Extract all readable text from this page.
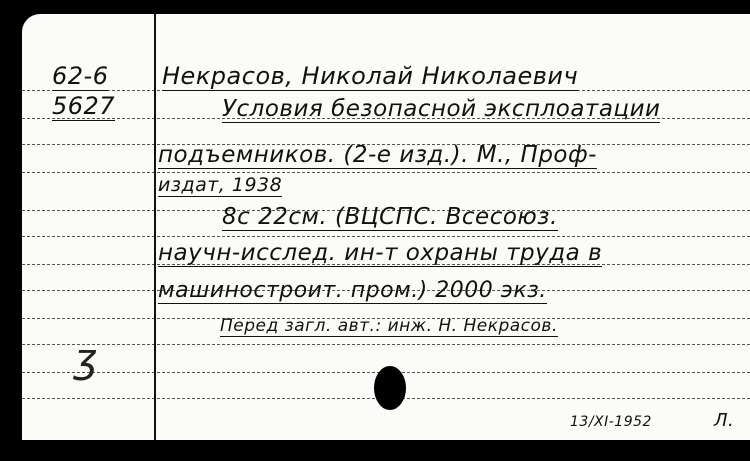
62-6
5627
Некрасов, Николай Николаевич
Условия безопасной эксплоатации
подъемников. (2-е изд.). М., Проф-
издат, 1938
8с 22см. (ВЦСПС. Всесоюз.
научн-исслед. ин-т охраны труда в
машиностроит. пром.) 2000 экз.
Перед загл. авт.: инж. Н. Некрасов.
ʒ
13/XI-1952	Л.
